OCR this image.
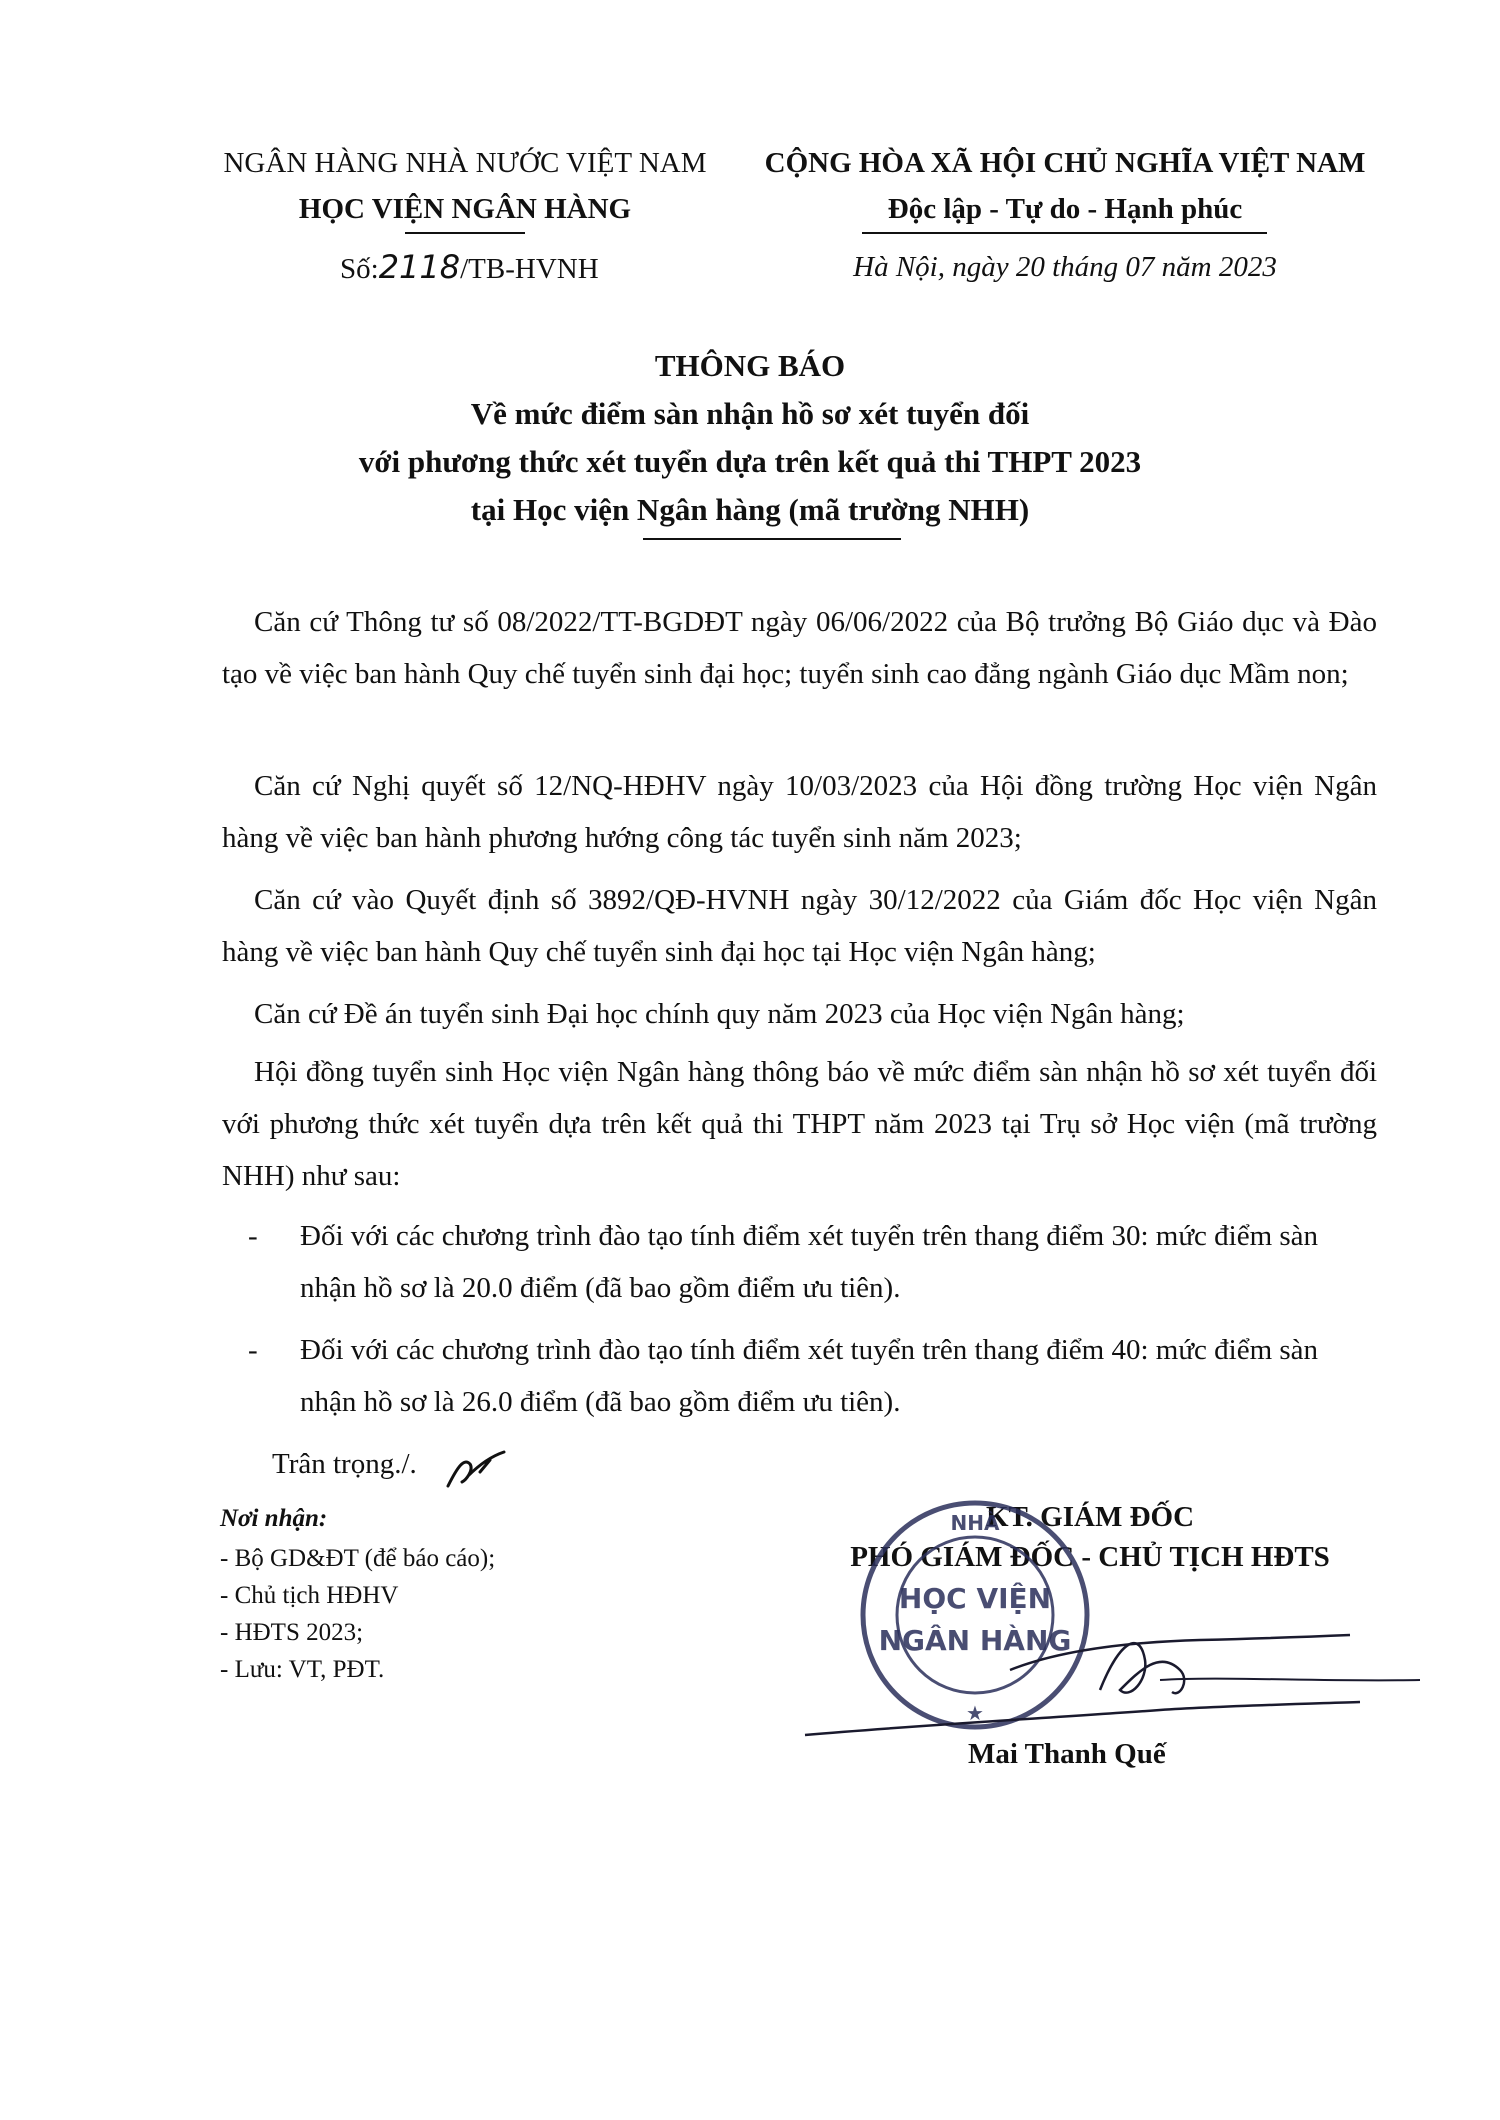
NGÂN HÀNG NHÀ NƯỚC VIỆT NAM
HỌC VIỆN NGÂN HÀNG
Số:2118/TB-HVNH
CỘNG HÒA XÃ HỘI CHỦ NGHĨA VIỆT NAM
Độc lập - Tự do - Hạnh phúc
Hà Nội, ngày 20 tháng 07 năm 2023
THÔNG BÁO
Về mức điểm sàn nhận hồ sơ xét tuyển đối
với phương thức xét tuyển dựa trên kết quả thi THPT 2023
tại Học viện Ngân hàng (mã trường NHH)
Căn cứ Thông tư số 08/2022/TT-BGDĐT ngày 06/06/2022 của Bộ trưởng Bộ Giáo dục và Đào tạo về việc ban hành Quy chế tuyển sinh đại học; tuyển sinh cao đẳng ngành Giáo dục Mầm non;
Căn cứ Nghị quyết số 12/NQ-HĐHV ngày 10/03/2023 của Hội đồng trường Học viện Ngân hàng về việc ban hành phương hướng công tác tuyển sinh năm 2023;
Căn cứ vào Quyết định số 3892/QĐ-HVNH ngày 30/12/2022 của Giám đốc Học viện Ngân hàng về việc ban hành Quy chế tuyển sinh đại học tại Học viện Ngân hàng;
Căn cứ Đề án tuyển sinh Đại học chính quy năm 2023 của Học viện Ngân hàng;
Hội đồng tuyển sinh Học viện Ngân hàng thông báo về mức điểm sàn nhận hồ sơ xét tuyển đối với phương thức xét tuyển dựa trên kết quả thi THPT năm 2023 tại Trụ sở Học viện (mã trường NHH) như sau:
-	Đối với các chương trình đào tạo tính điểm xét tuyển trên thang điểm 30: mức điểm sàn nhận hồ sơ là 20.0 điểm (đã bao gồm điểm ưu tiên).
-	Đối với các chương trình đào tạo tính điểm xét tuyển trên thang điểm 40: mức điểm sàn nhận hồ sơ là 26.0 điểm (đã bao gồm điểm ưu tiên).
Trân trọng./.
Nơi nhận:
- Bộ GD&ĐT (để báo cáo);
- Chủ tịch HĐHV
- HĐTS 2023;
- Lưu: VT, PĐT.
KT. GIÁM ĐỐC
PHÓ GIÁM ĐỐC - CHỦ TỊCH HĐTS
NHÀ
HỌC VIỆN
NGÂN HÀNG
★
Mai Thanh Quế
